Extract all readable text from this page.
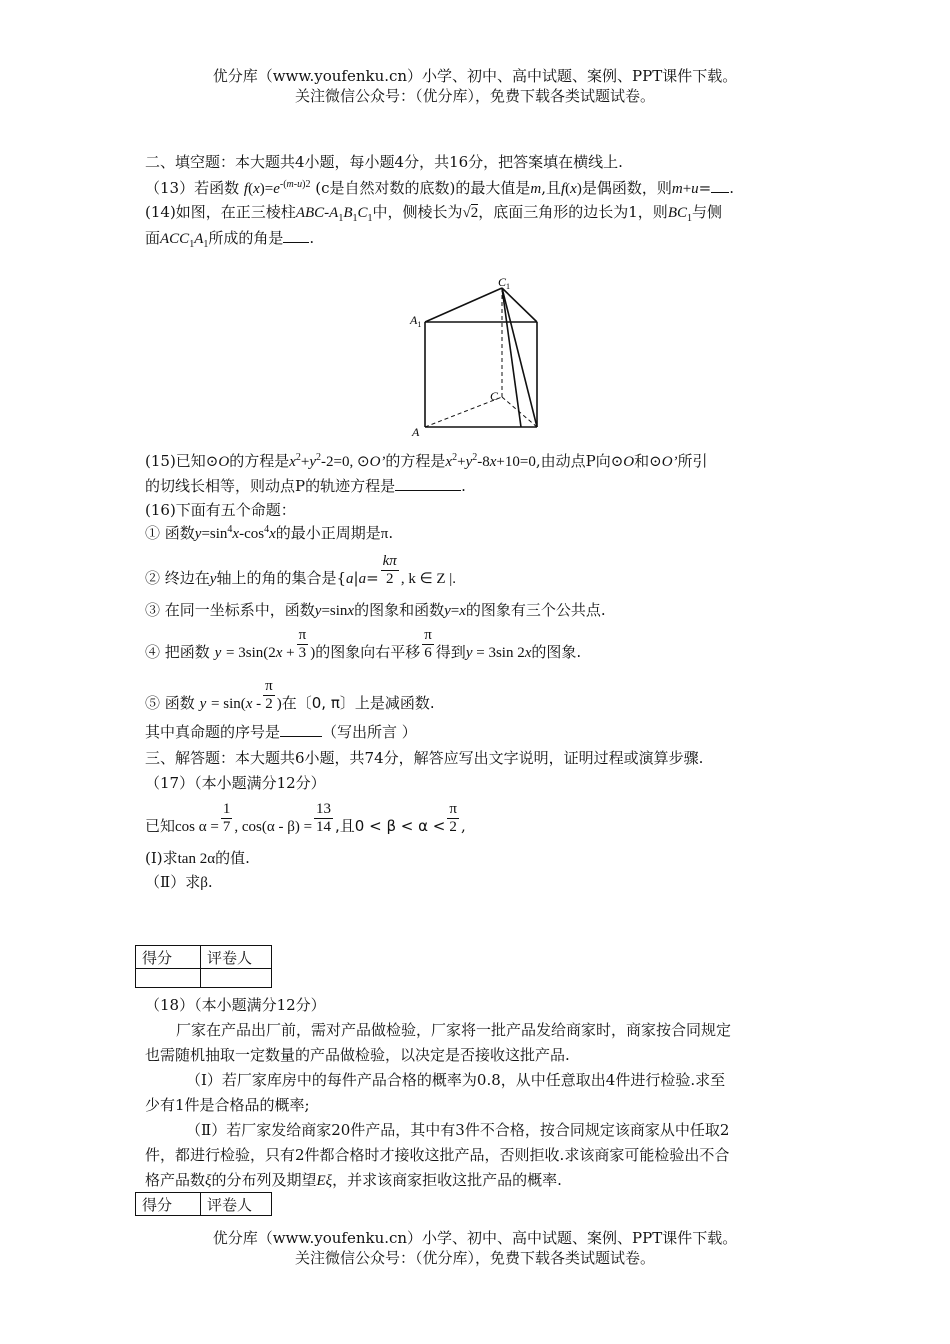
优分库（www.youfenku.cn）小学、初中、高中试题、案例、PPT课件下载。
关注微信公众号：（优分库），免费下载各类试题试卷。
二、填空题：本大题共4小题，每小题4分，共16分，把答案填在横线上.
（13）若函数 $f(x)=e^{-(m-u)2}$ (c是自然对数的底数)的最大值是m,且f(x)是偶函数，则m+u= .
(14)如图，在正三棱柱ABC-$A_1B_1C_1$中，侧棱长为√2，底面三角形的边长为1，则$BC_1$与侧
面$ACC_1A_1$所成的角是 .
$C_1$
$A_1$
C
A
(15)已知⊙O的方程是$x^2+y^2-2=0$, ⊙O’的方程是$x^2+y^2-8x+10=0$,由动点P向⊙O和⊙O’所引
的切线长相等，则动点P的轨迹方程是	.
(16)下面有五个命题：
① 函数$y=\sin^4x-\cos^4x$的最小正周期是π.
② 终边在y轴上的角的集合是{$a|a= \frac{k\pi}{2}$ , k ∈ Z |.
③ 在同一坐标系中，函数y=sinx的图象和函数y=x的图象有三个公共点.
④ 把函数 $y = 3\sin(2x + \frac{\pi}{3}$ )的图象向右平移 $\frac{\pi}{6}$ 得到y = 3sin 2x的图象.
⑤ 函数 $y = \sin(x - \frac{\pi}{2}$ )在〔0, π〕上是减函数.
其中真命题的序号是	（写出所言 ）
三、解答题：本大题共6小题，共74分，解答应写出文字说明，证明过程或演算步骤.
（17）（本小题满分12分）
已知$\cos \alpha = \frac{1}{7}$ , $\cos(\alpha - \beta) = \frac{13}{14}$ ,且$0 < \beta < \alpha < \frac{\pi}{2}$ ,
(Ⅰ)求tan 2α的值.
（Ⅱ）求β.
得分	评卷人

（18）（本小题满分12分）
厂家在产品出厂前，需对产品做检验，厂家将一批产品发给商家时，商家按合同规定
也需随机抽取一定数量的产品做检验，以决定是否接收这批产品.
（Ⅰ）若厂家库房中的每件产品合格的概率为0.8，从中任意取出4件进行检验.求至
少有1件是合格品的概率;
（Ⅱ）若厂家发给商家20件产品，其中有3件不合格，按合同规定该商家从中任取2
件，都进行检验，只有2件都合格时才接收这批产品，否则拒收.求该商家可能检验出不合
格产品数ξ的分布列及期望Eξ，并求该商家拒收这批产品的概率.
得分	评卷人
优分库（www.youfenku.cn）小学、初中、高中试题、案例、PPT课件下载。
关注微信公众号：（优分库），免费下载各类试题试卷。
